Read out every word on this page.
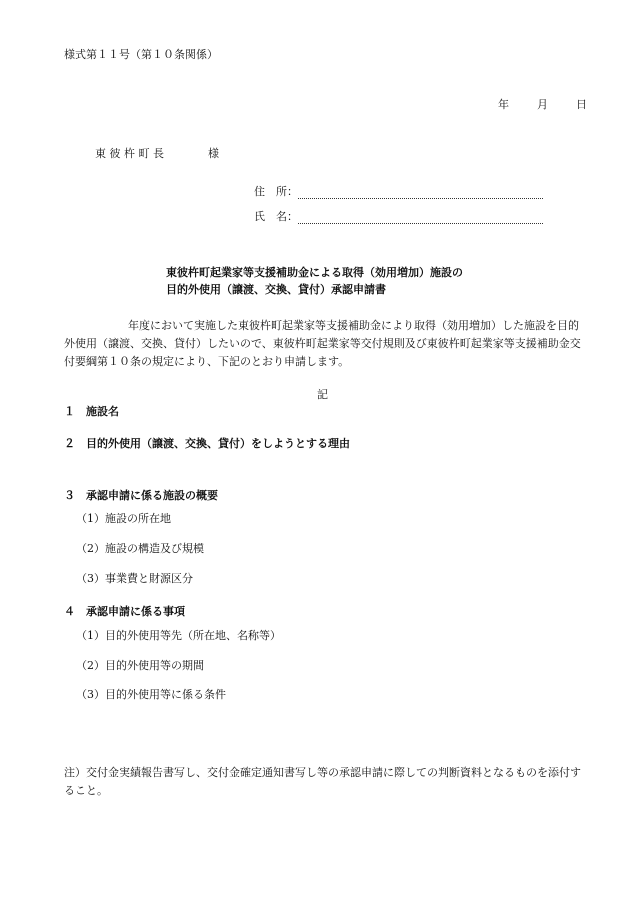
様式第１１号（第１０条関係）
年	月	日
東 彼 杵 町 長	様
住　所：
氏　名：
東彼杵町起業家等支援補助金による取得（効用増加）施設の
目的外使用（譲渡、交換、貸付）承認申請書
年度において実施した東彼杵町起業家等支援補助金により取得（効用増加）した施設を目的外使用（譲渡、交換、貸付）したいので、東彼杵町起業家等交付規則及び東彼杵町起業家等支援補助金交付要綱第１０条の規定により、下記のとおり申請します。
記
１　施設名
２　目的外使用（譲渡、交換、貸付）をしようとする理由
３　承認申請に係る施設の概要
（1）施設の所在地
（2）施設の構造及び規模
（3）事業費と財源区分
４　承認申請に係る事項
（1）目的外使用等先（所在地、名称等）
（2）目的外使用等の期間
（3）目的外使用等に係る条件
注）交付金実績報告書写し、交付金確定通知書写し等の承認申請に際しての判断資料となるものを添付すること。
